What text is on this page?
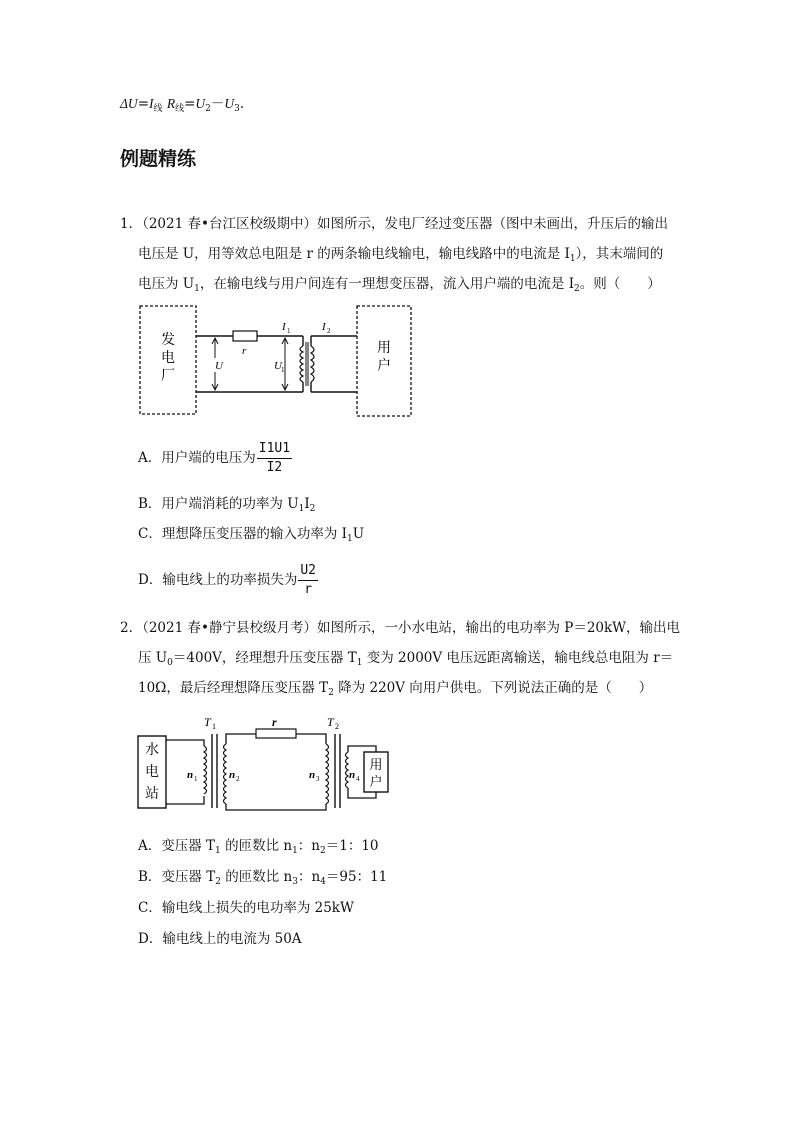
$\Delta U=I_线$ $R_线=U_2-U_3$.
例题精练
1．（2021 春•台江区校级期中）如图所示，发电厂经过变压器（图中未画出，升压后的输出
电压是 U，用等效总电阻是 r 的两条输电线输电，输电线路中的电流是 $I_1$），其末端间的
电压为 $U_1$，在输电线与用户间连有一理想变压器，流入用户端的电流是 $I_2$。则（　　）
发
电
厂
用
户
U	U 1
r
I 1	I 2
A．用户端的电压为 $\frac{I1U1}{I2}$
B．用户端消耗的功率为 $U_1I_2$
C．理想降压变压器的输入功率为 $I_1U$
D．输电线上的功率损失为 $\frac{U2}{r}$
2．（2021 春•静宁县校级月考）如图所示，一小水电站，输出的电功率为 P＝20kW，输出电
压 $U_0=400V$，经理想升压变压器 $T_1$ 变为 2000V 电压远距离输送，输电线总电阻为 r＝
10Ω，最后经理想降压变压器 $T_2$ 降为 220V 向用户供电。下列说法正确的是（　　）
水
电
站
用
户
T 1	T 2
r
n 1	n 2	n 3	n 4
A．变压器 $T_1$ 的匝数比 $n_1$：$n_2=1$：10
B．变压器 $T_2$ 的匝数比 $n_3$：$n_4=95$：11
C．输电线上损失的电功率为 25kW
D．输电线上的电流为 50A
